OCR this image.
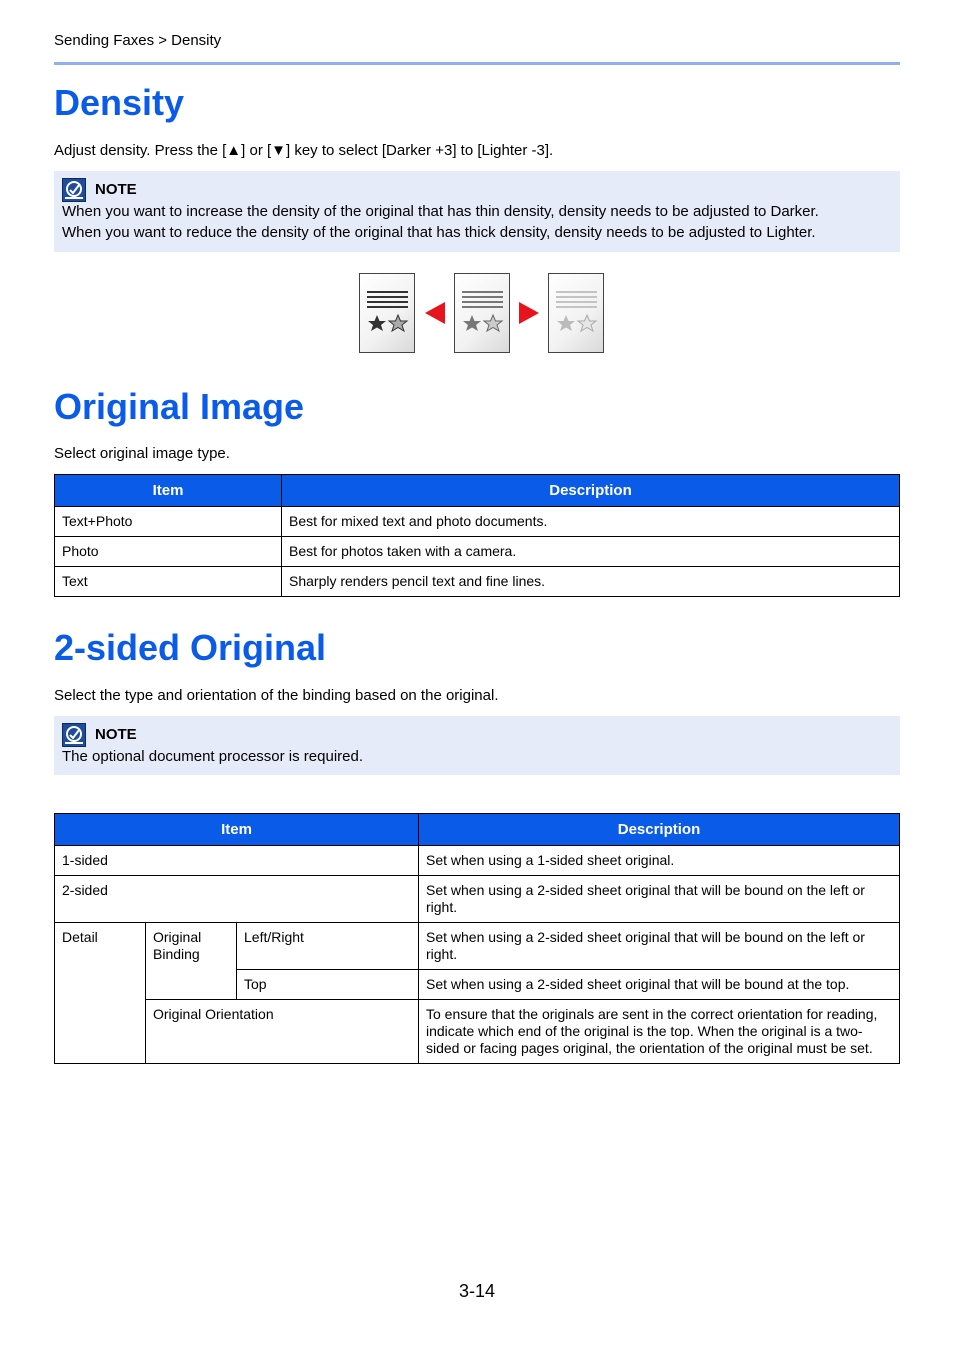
Sending Faxes > Density
Density
Adjust density. Press the [▲] or [▼] key to select [Darker +3] to [Lighter -3].
NOTE

When you want to increase the density of the original that has thin density, density needs to be adjusted to Darker.

When you want to reduce the density of the original that has thick density, density needs to be adjusted to Lighter.

Original Image
Select original image type.
Item	Description
Text+Photo	Best for mixed text and photo documents.
Photo	Best for photos taken with a camera.
Text	Sharply renders pencil text and fine lines.
2-sided Original
Select the type and orientation of the binding based on the original.
NOTE

The optional document processor is required.

Item			Description
1-sided			Set when using a 1-sided sheet original.
2-sided			Set when using a 2-sided sheet original that will be bound on the left or right.
Detail	Original Binding	Left/Right	Set when using a 2-sided sheet original that will be bound on the left or right.
		Top	Set when using a 2-sided sheet original that will be bound at the top.
	Original Orientation		To ensure that the originals are sent in the correct orientation for reading, indicate which end of the original is the top. When the original is a two-sided or facing pages original, the orientation of the original must be set.
3-14
